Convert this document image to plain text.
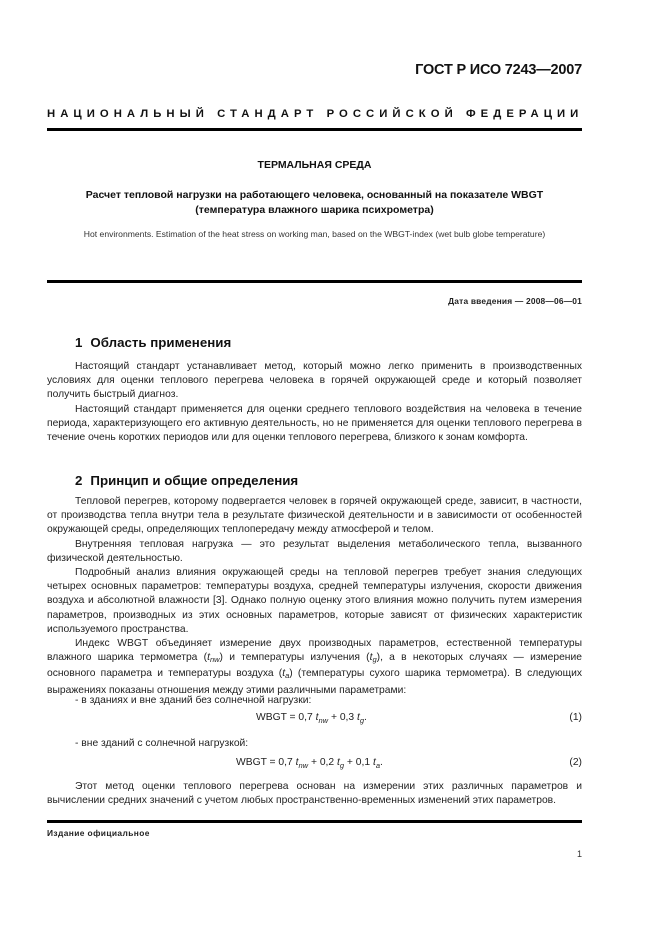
ГОСТ Р ИСО 7243—2007
НАЦИОНАЛЬНЫЙ СТАНДАРТ РОССИЙСКОЙ ФЕДЕРАЦИИ
ТЕРМАЛЬНАЯ СРЕДА
Расчет тепловой нагрузки на работающего человека, основанный на показателе WBGT
(температура влажного шарика психрометра)
Hot environments. Estimation of the heat stress on working man, based on the WBGT-index (wet bulb globe temperature)
Дата введения — 2008—06—01
1 Область применения
Настоящий стандарт устанавливает метод, который можно легко применить в производственных условиях для оценки теплового перегрева человека в горячей окружающей среде и который позволяет получить быстрый диагноз.
Настоящий стандарт применяется для оценки среднего теплового воздействия на человека в течение периода, характеризующего его активную деятельность, но не применяется для оценки теплового перегрева в течение очень коротких периодов или для оценки теплового перегрева, близкого к зонам комфорта.
2 Принцип и общие определения
Тепловой перегрев, которому подвергается человек в горячей окружающей среде, зависит, в частности, от производства тепла внутри тела в результате физической деятельности и в зависимости от особенностей окружающей среды, определяющих теплопередачу между атмосферой и телом.
Внутренняя тепловая нагрузка — это результат выделения метаболического тепла, вызванного физической деятельностью.
Подробный анализ влияния окружающей среды на тепловой перегрев требует знания следующих четырех основных параметров: температуры воздуха, средней температуры излучения, скорости движения воздуха и абсолютной влажности [3]. Однако полную оценку этого влияния можно получить путем измерения параметров, производных из этих основных параметров, которые зависят от физических характеристик используемого пространства.
Индекс WBGT объединяет измерение двух производных параметров, естественной температуры влажного шарика термометра (tnw) и температуры излучения (tg), а в некоторых случаях — измерение основного параметра и температуры воздуха (ta) (температуры сухого шарика термометра). В следующих выражениях показаны отношения между этими различными параметрами:
- в зданиях и вне зданий без солнечной нагрузки:
WBGT = 0,7 $t_{nw} + 0,3$ $t_g$.	(1)
- вне зданий с солнечной нагрузкой:
WBGT = 0,7 $t_{nw} + 0,2$ $t_g + 0,1$ $t_a$.	(2)
Этот метод оценки теплового перегрева основан на измерении этих различных параметров и вычислении средних значений с учетом любых пространственно-временных изменений этих параметров.
Издание официальное
1
